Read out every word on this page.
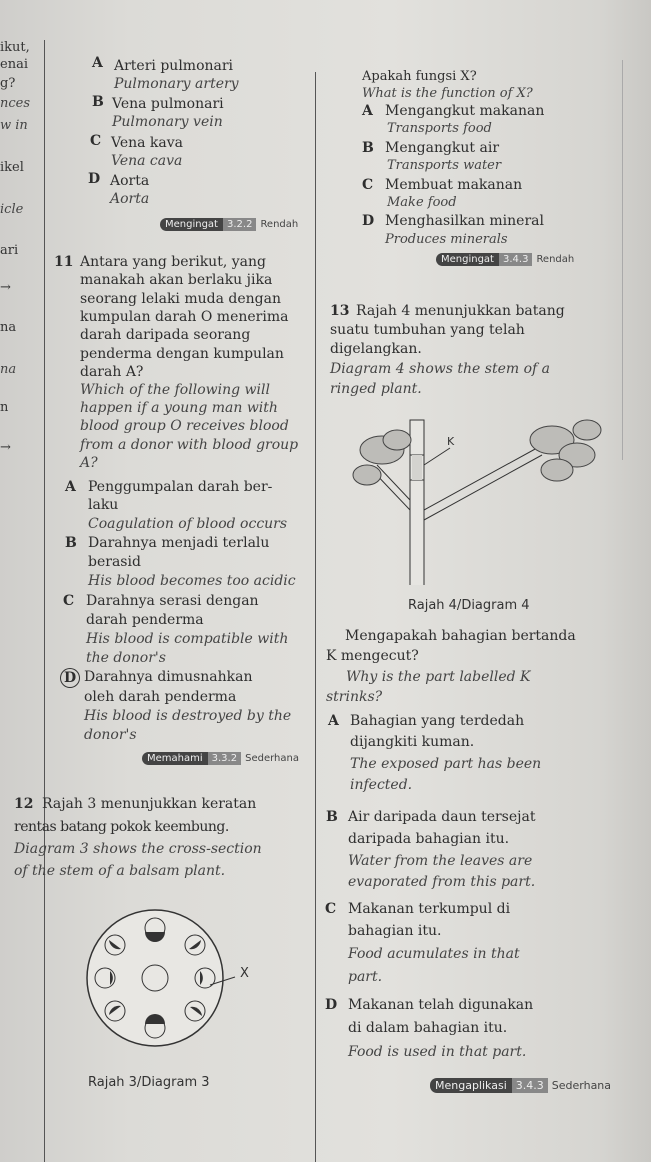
ikut,
enai
g?
nces
w in
ikel
icle
ari
→
na
na
n
→
A Arteri pulmonari
Pulmonary artery
B Vena pulmonari
Pulmonary vein
C Vena kava
Vena cava
D Aorta
Aorta
Mengingat 3.2.2 Rendah
Apakah fungsi X?
What is the function of X?
A Mengangkut makanan
Transports food
B Mengangkut air
Transports water
C Membuat makanan
Make food
D Menghasilkan mineral
Produces minerals
Mengingat 3.4.3 Rendah
11 Antara yang berikut, yang
manakah akan berlaku jika
seorang lelaki muda dengan
kumpulan darah O menerima
darah daripada seorang
penderma dengan kumpulan
darah A?
Which of the following will
happen if a young man with
blood group O receives blood
from a donor with blood group
A?
A Penggumpalan darah ber-
laku
Coagulation of blood occurs
B Darahnya menjadi terlalu
berasid
His blood becomes too acidic
C Darahnya serasi dengan
darah penderma
His blood is compatible with
the donor's
D Darahnya dimusnahkan
oleh darah penderma
His blood is destroyed by the
donor's
Memahami 3.3.2 Sederhana
12 Rajah 3 menunjukkan keratan
rentas batang pokok keembung.
Diagram 3 shows the cross-section
of the stem of a balsam plant.
X
Rajah 3/Diagram 3
13 Rajah 4 menunjukkan batang
suatu tumbuhan yang telah
digelangkan.
Diagram 4 shows the stem of a
ringed plant.
K
Rajah 4/Diagram 4
Mengapakah bahagian bertanda
K mengecut?
Why is the part labelled K
strinks?
A Bahagian yang terdedah
dijangkiti kuman.
The exposed part has been
infected.
B Air daripada daun tersejat
daripada bahagian itu.
Water from the leaves are
evaporated from this part.
C Makanan terkumpul di
bahagian itu.
Food acumulates in that
part.
D Makanan telah digunakan
di dalam bahagian itu.
Food is used in that part.
Mengaplikasi 3.4.3 Sederhana
